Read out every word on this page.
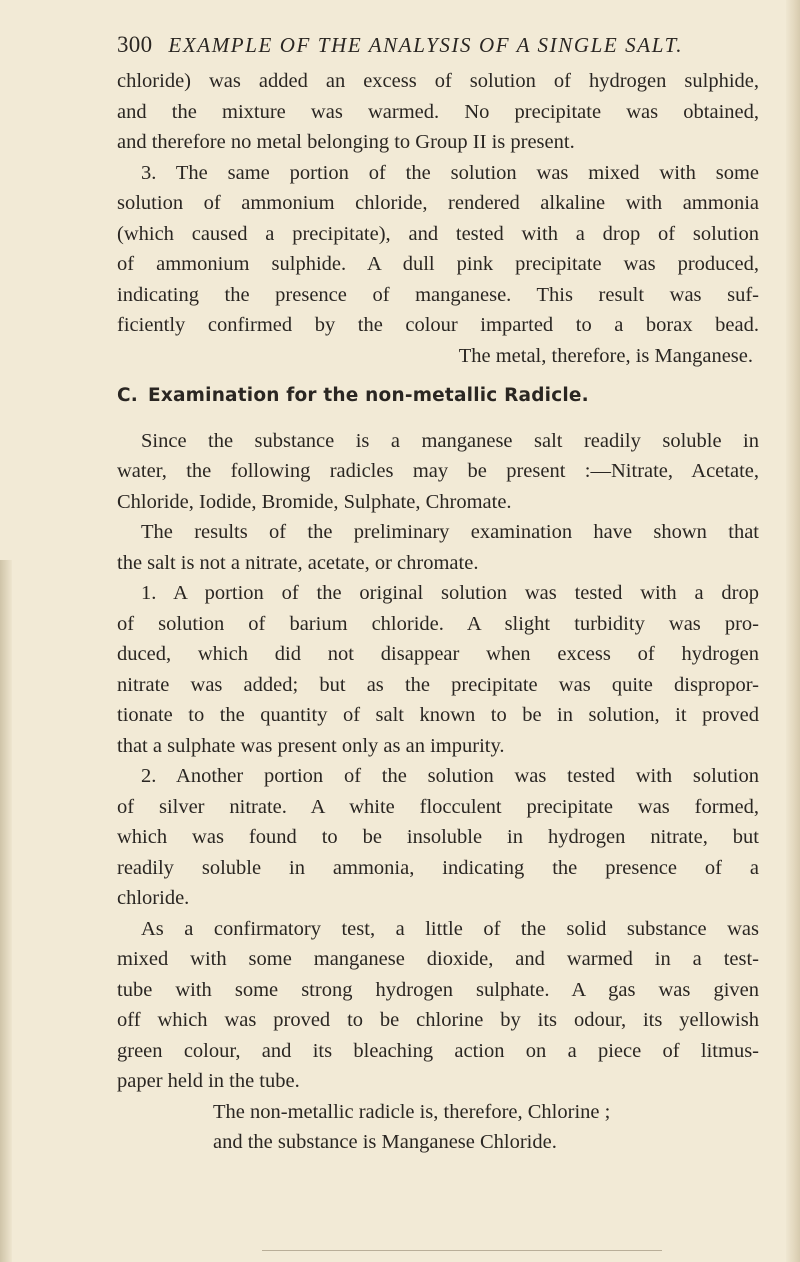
300 EXAMPLE OF THE ANALYSIS OF A SINGLE SALT.
chloride) was added an excess of solution of hydrogen sulphide,
and the mixture was warmed. No precipitate was obtained,
and therefore no metal belonging to Group II is present.
3. The same portion of the solution was mixed with some
solution of ammonium chloride, rendered alkaline with ammonia
(which caused a precipitate), and tested with a drop of solution
of ammonium sulphide. A dull pink precipitate was produced,
indicating the presence of manganese. This result was suf-
ficiently confirmed by the colour imparted to a borax bead.
The metal, therefore, is Manganese.
C. Examination for the non-metallic Radicle.
Since the substance is a manganese salt readily soluble in
water, the following radicles may be present :—Nitrate, Acetate,
Chloride, Iodide, Bromide, Sulphate, Chromate.
The results of the preliminary examination have shown that
the salt is not a nitrate, acetate, or chromate.
1. A portion of the original solution was tested with a drop
of solution of barium chloride. A slight turbidity was pro-
duced, which did not disappear when excess of hydrogen
nitrate was added; but as the precipitate was quite dispropor-
tionate to the quantity of salt known to be in solution, it proved
that a sulphate was present only as an impurity.
2. Another portion of the solution was tested with solution
of silver nitrate. A white flocculent precipitate was formed,
which was found to be insoluble in hydrogen nitrate, but
readily soluble in ammonia, indicating the presence of a
chloride.
As a confirmatory test, a little of the solid substance was
mixed with some manganese dioxide, and warmed in a test-
tube with some strong hydrogen sulphate. A gas was given
off which was proved to be chlorine by its odour, its yellowish
green colour, and its bleaching action on a piece of litmus-
paper held in the tube.
The non-metallic radicle is, therefore, Chlorine ;
and the substance is Manganese Chloride.
